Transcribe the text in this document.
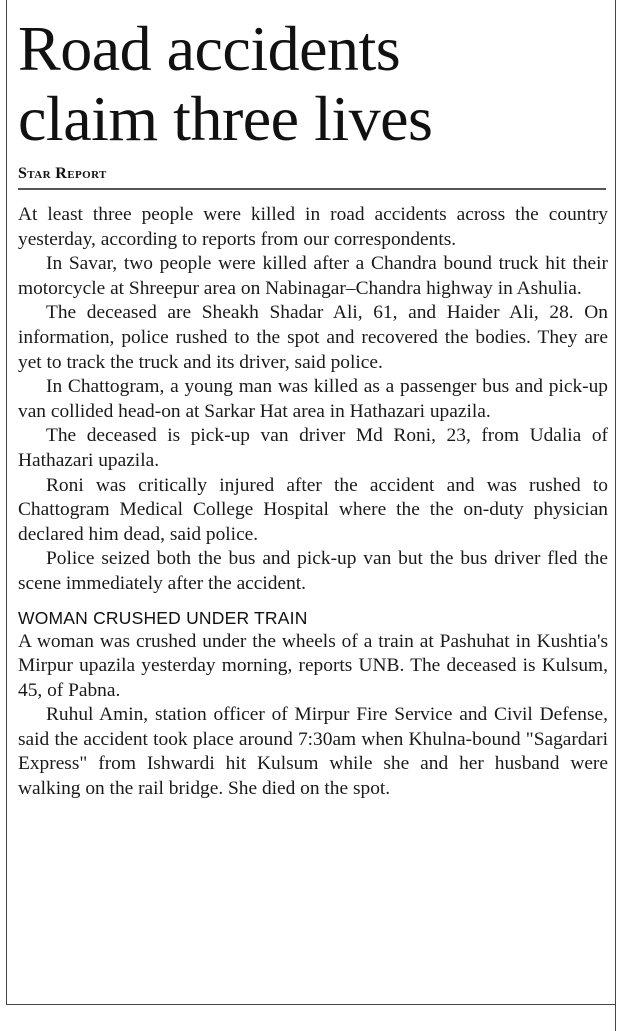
Road accidents
claim three lives
Star Report

At least three people were killed in road accidents across the country yesterday, according to reports from our correspondents.

In Savar, two people were killed after a Chandra bound truck hit their motorcycle at Shreepur area on Nabinagar–Chandra highway in Ashulia.

The deceased are Sheakh Shadar Ali, 61, and Haider Ali, 28. On information, police rushed to the spot and recovered the bodies. They are yet to track the truck and its driver, said police.

In Chattogram, a young man was killed as a passenger bus and pick-up van collided head-on at Sarkar Hat area in Hathazari upazila.

The deceased is pick-up van driver Md Roni, 23, from Udalia of Hathazari upazila.

Roni was critically injured after the accident and was rushed to Chattogram Medical College Hospital where the the on-duty physician declared him dead, said police.

Police seized both the bus and pick-up van but the bus driver fled the scene immediately after the accident.

WOMAN CRUSHED UNDER TRAIN

A woman was crushed under the wheels of a train at Pashuhat in Kushtia's Mirpur upazila yesterday morning, reports UNB. The deceased is Kulsum, 45, of Pabna.

Ruhul Amin, station officer of Mirpur Fire Service and Civil Defense, said the accident took place around 7:30am when Khulna-bound "Sagardari Express" from Ishwardi hit Kulsum while she and her husband were walking on the rail bridge. She died on the spot.
